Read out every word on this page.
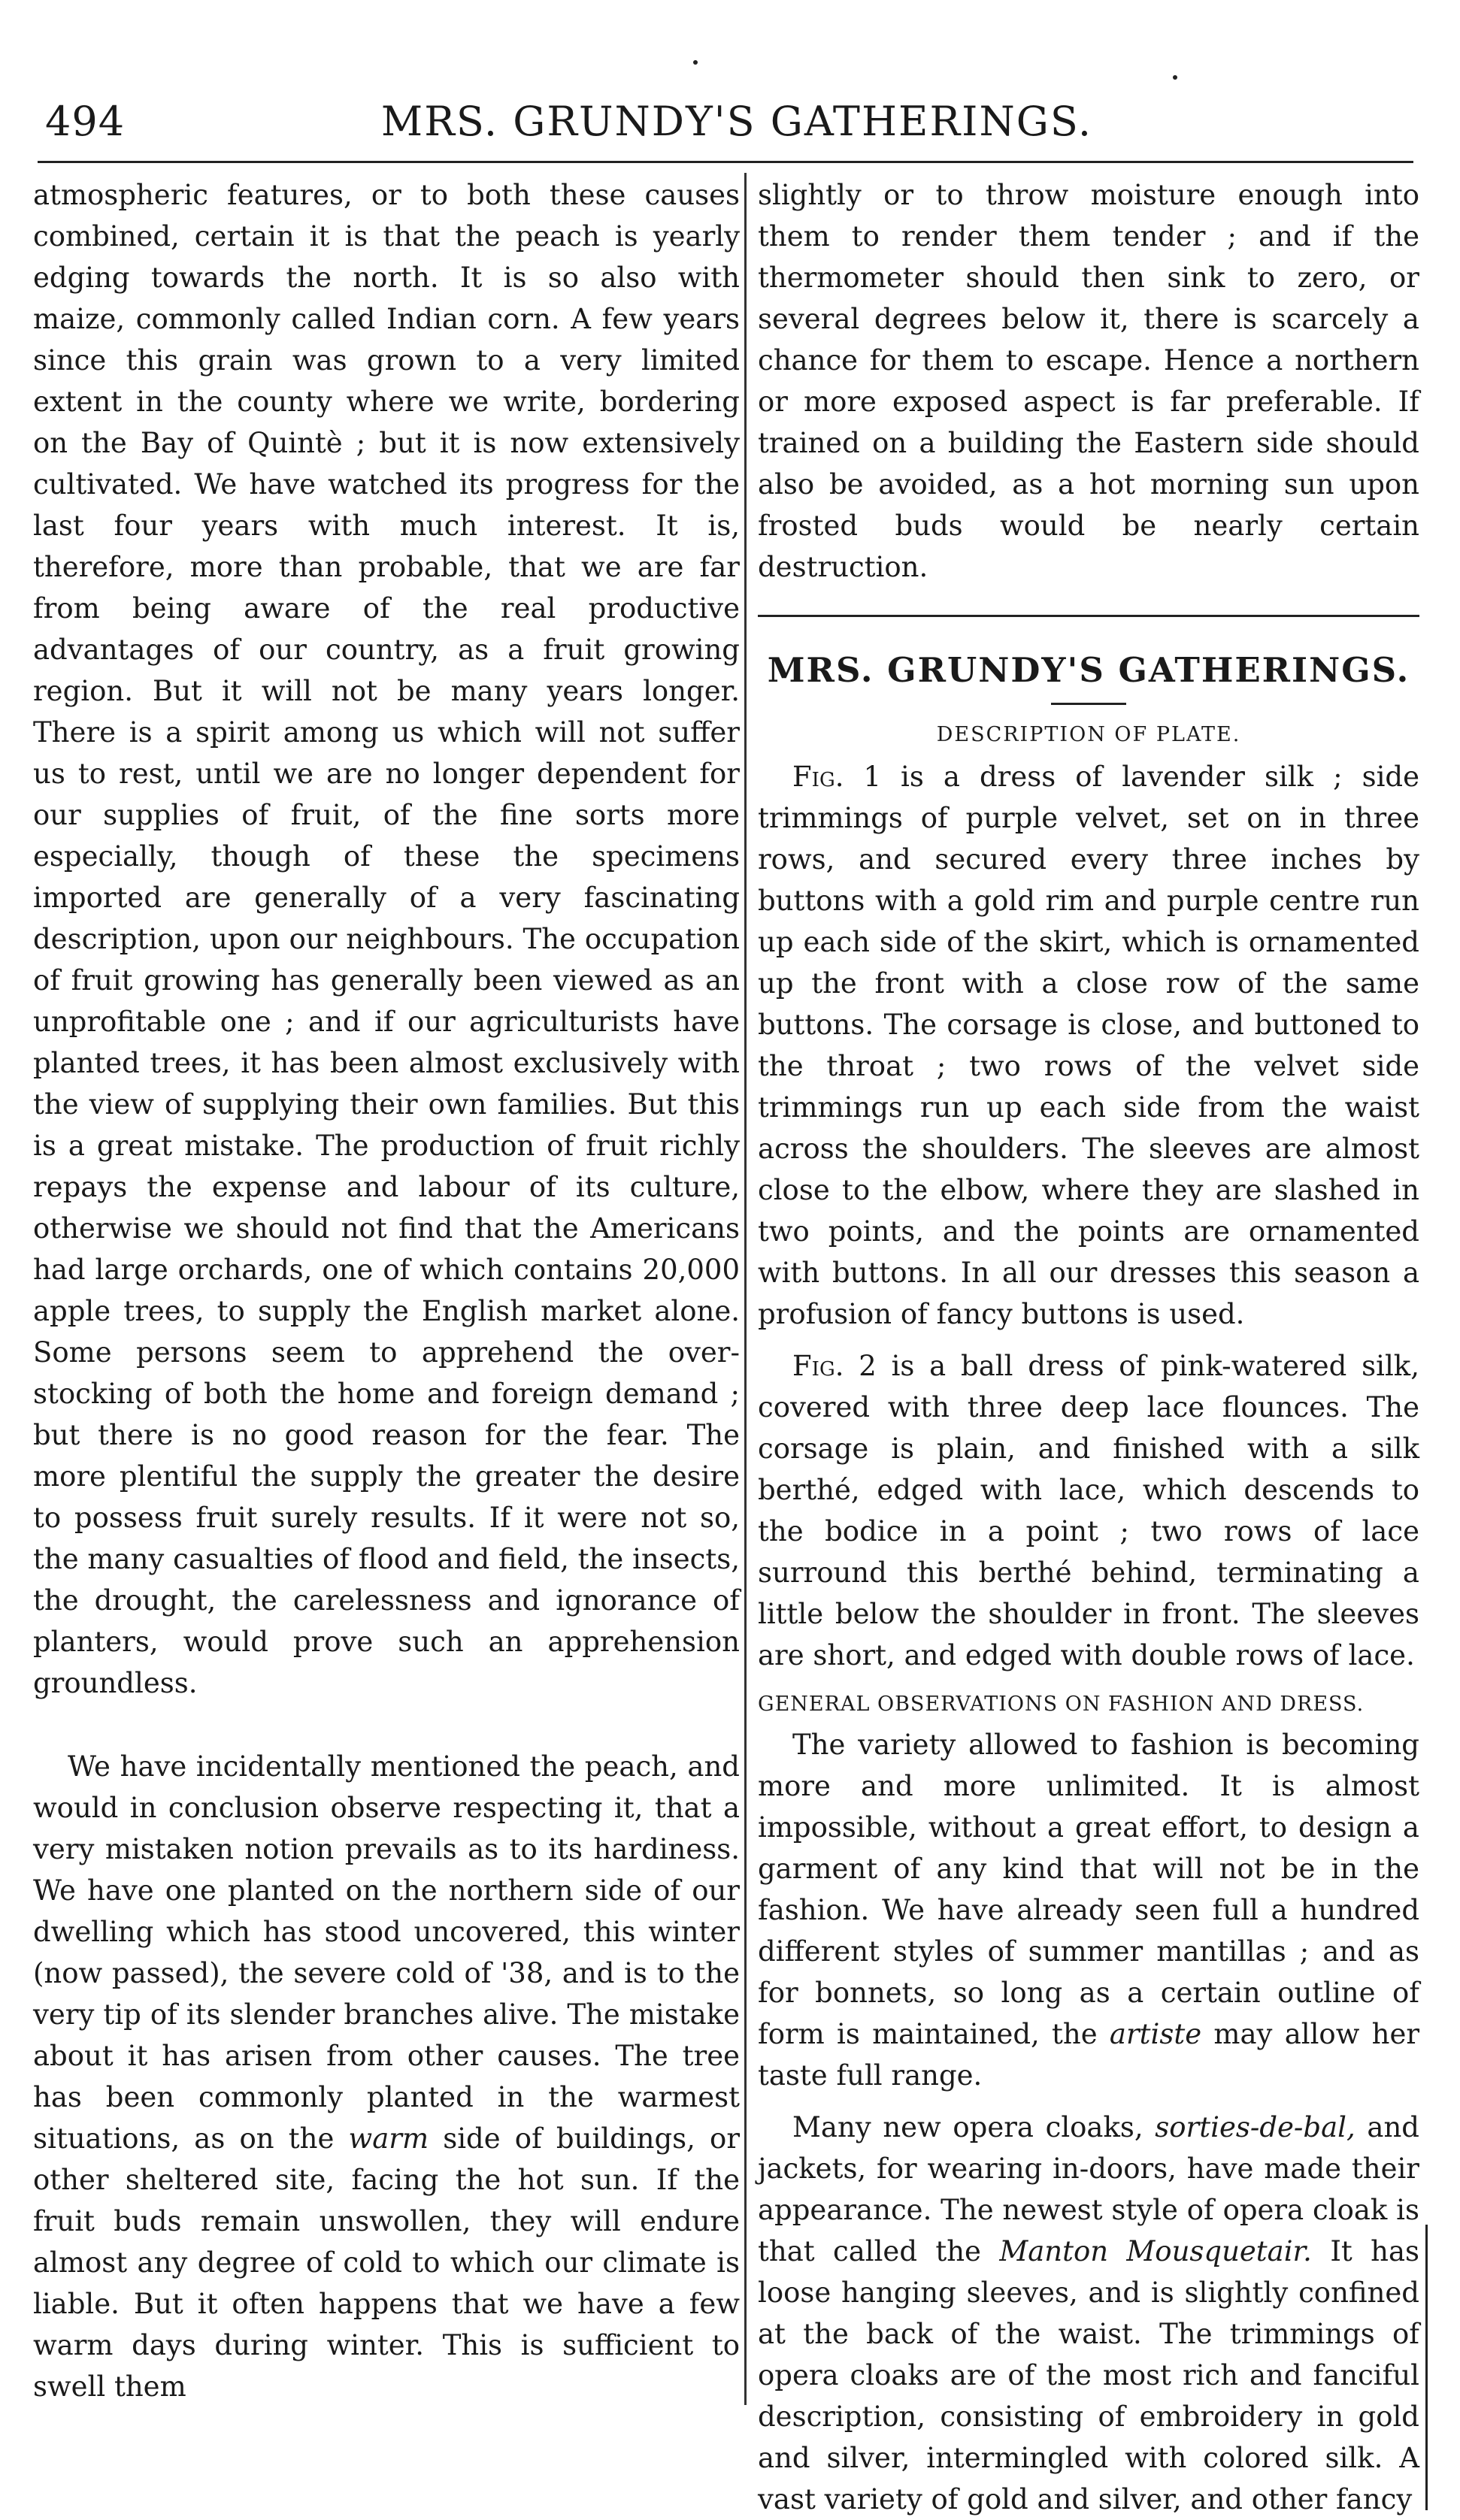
494	MRS. GRUNDY'S GATHERINGS.

atmospheric features, or to both these causes combined, certain it is that the peach is yearly edging towards the north. It is so also with maize, commonly called Indian corn. A few years since this grain was grown to a very limited extent in the county where we write, bordering on the Bay of Quintè ; but it is now extensively cultivated. We have watched its progress for the last four years with much interest. It is, therefore, more than probable, that we are far from being aware of the real productive advantages of our country, as a fruit growing region. But it will not be many years longer. There is a spirit among us which will not suffer us to rest, until we are no longer dependent for our supplies of fruit, of the fine sorts more especially, though of these the specimens imported are generally of a very fascinating description, upon our neighbours. The occupation of fruit growing has generally been viewed as an unprofitable one ; and if our agriculturists have planted trees, it has been almost exclusively with the view of supplying their own families. But this is a great mistake. The production of fruit richly repays the expense and labour of its culture, otherwise we should not find that the Americans had large orchards, one of which contains 20,000 apple trees, to supply the English market alone. Some persons seem to apprehend the over-stocking of both the home and foreign demand ; but there is no good reason for the fear. The more plentiful the supply the greater the desire to possess fruit surely results. If it were not so, the many casualties of flood and field, the insects, the drought, the carelessness and ignorance of planters, would prove such an apprehension groundless.

We have incidentally mentioned the peach, and would in conclusion observe respecting it, that a very mistaken notion prevails as to its hardiness. We have one planted on the northern side of our dwelling which has stood uncovered, this winter (now passed), the severe cold of '38, and is to the very tip of its slender branches alive. The mistake about it has arisen from other causes. The tree has been commonly planted in the warmest situations, as on the warm side of buildings, or other sheltered site, facing the hot sun. If the fruit buds remain unswollen, they will endure almost any degree of cold to which our climate is liable. But it often happens that we have a few warm days during winter. This is sufficient to swell them

slightly or to throw moisture enough into them to render them tender ; and if the thermometer should then sink to zero, or several degrees below it, there is scarcely a chance for them to escape. Hence a northern or more exposed aspect is far preferable. If trained on a building the Eastern side should also be avoided, as a hot morning sun upon frosted buds would be nearly certain destruction.

MRS. GRUNDY'S GATHERINGS.
DESCRIPTION OF PLATE.

Fig. 1 is a dress of lavender silk ; side trimmings of purple velvet, set on in three rows, and secured every three inches by buttons with a gold rim and purple centre run up each side of the skirt, which is ornamented up the front with a close row of the same buttons. The corsage is close, and buttoned to the throat ; two rows of the velvet side trimmings run up each side from the waist across the shoulders. The sleeves are almost close to the elbow, where they are slashed in two points, and the points are ornamented with buttons. In all our dresses this season a profusion of fancy buttons is used.

Fig. 2 is a ball dress of pink-watered silk, covered with three deep lace flounces. The corsage is plain, and finished with a silk berthé, edged with lace, which descends to the bodice in a point ; two rows of lace surround this berthé behind, terminating a little below the shoulder in front. The sleeves are short, and edged with double rows of lace.

GENERAL OBSERVATIONS ON FASHION AND DRESS.

The variety allowed to fashion is becoming more and more unlimited. It is almost impossible, without a great effort, to design a garment of any kind that will not be in the fashion. We have already seen full a hundred different styles of summer mantillas ; and as for bonnets, so long as a certain outline of form is maintained, the artiste may allow her taste full range.

Many new opera cloaks, sorties-de-bal, and jackets, for wearing in-doors, have made their appearance. The newest style of opera cloak is that called the Manton Mousquetair. It has loose hanging sleeves, and is slightly confined at the back of the waist. The trimmings of opera cloaks are of the most rich and fanciful description, consisting of embroidery in gold and silver, intermingled with colored silk. A vast variety of gold and silver, and other fancy
